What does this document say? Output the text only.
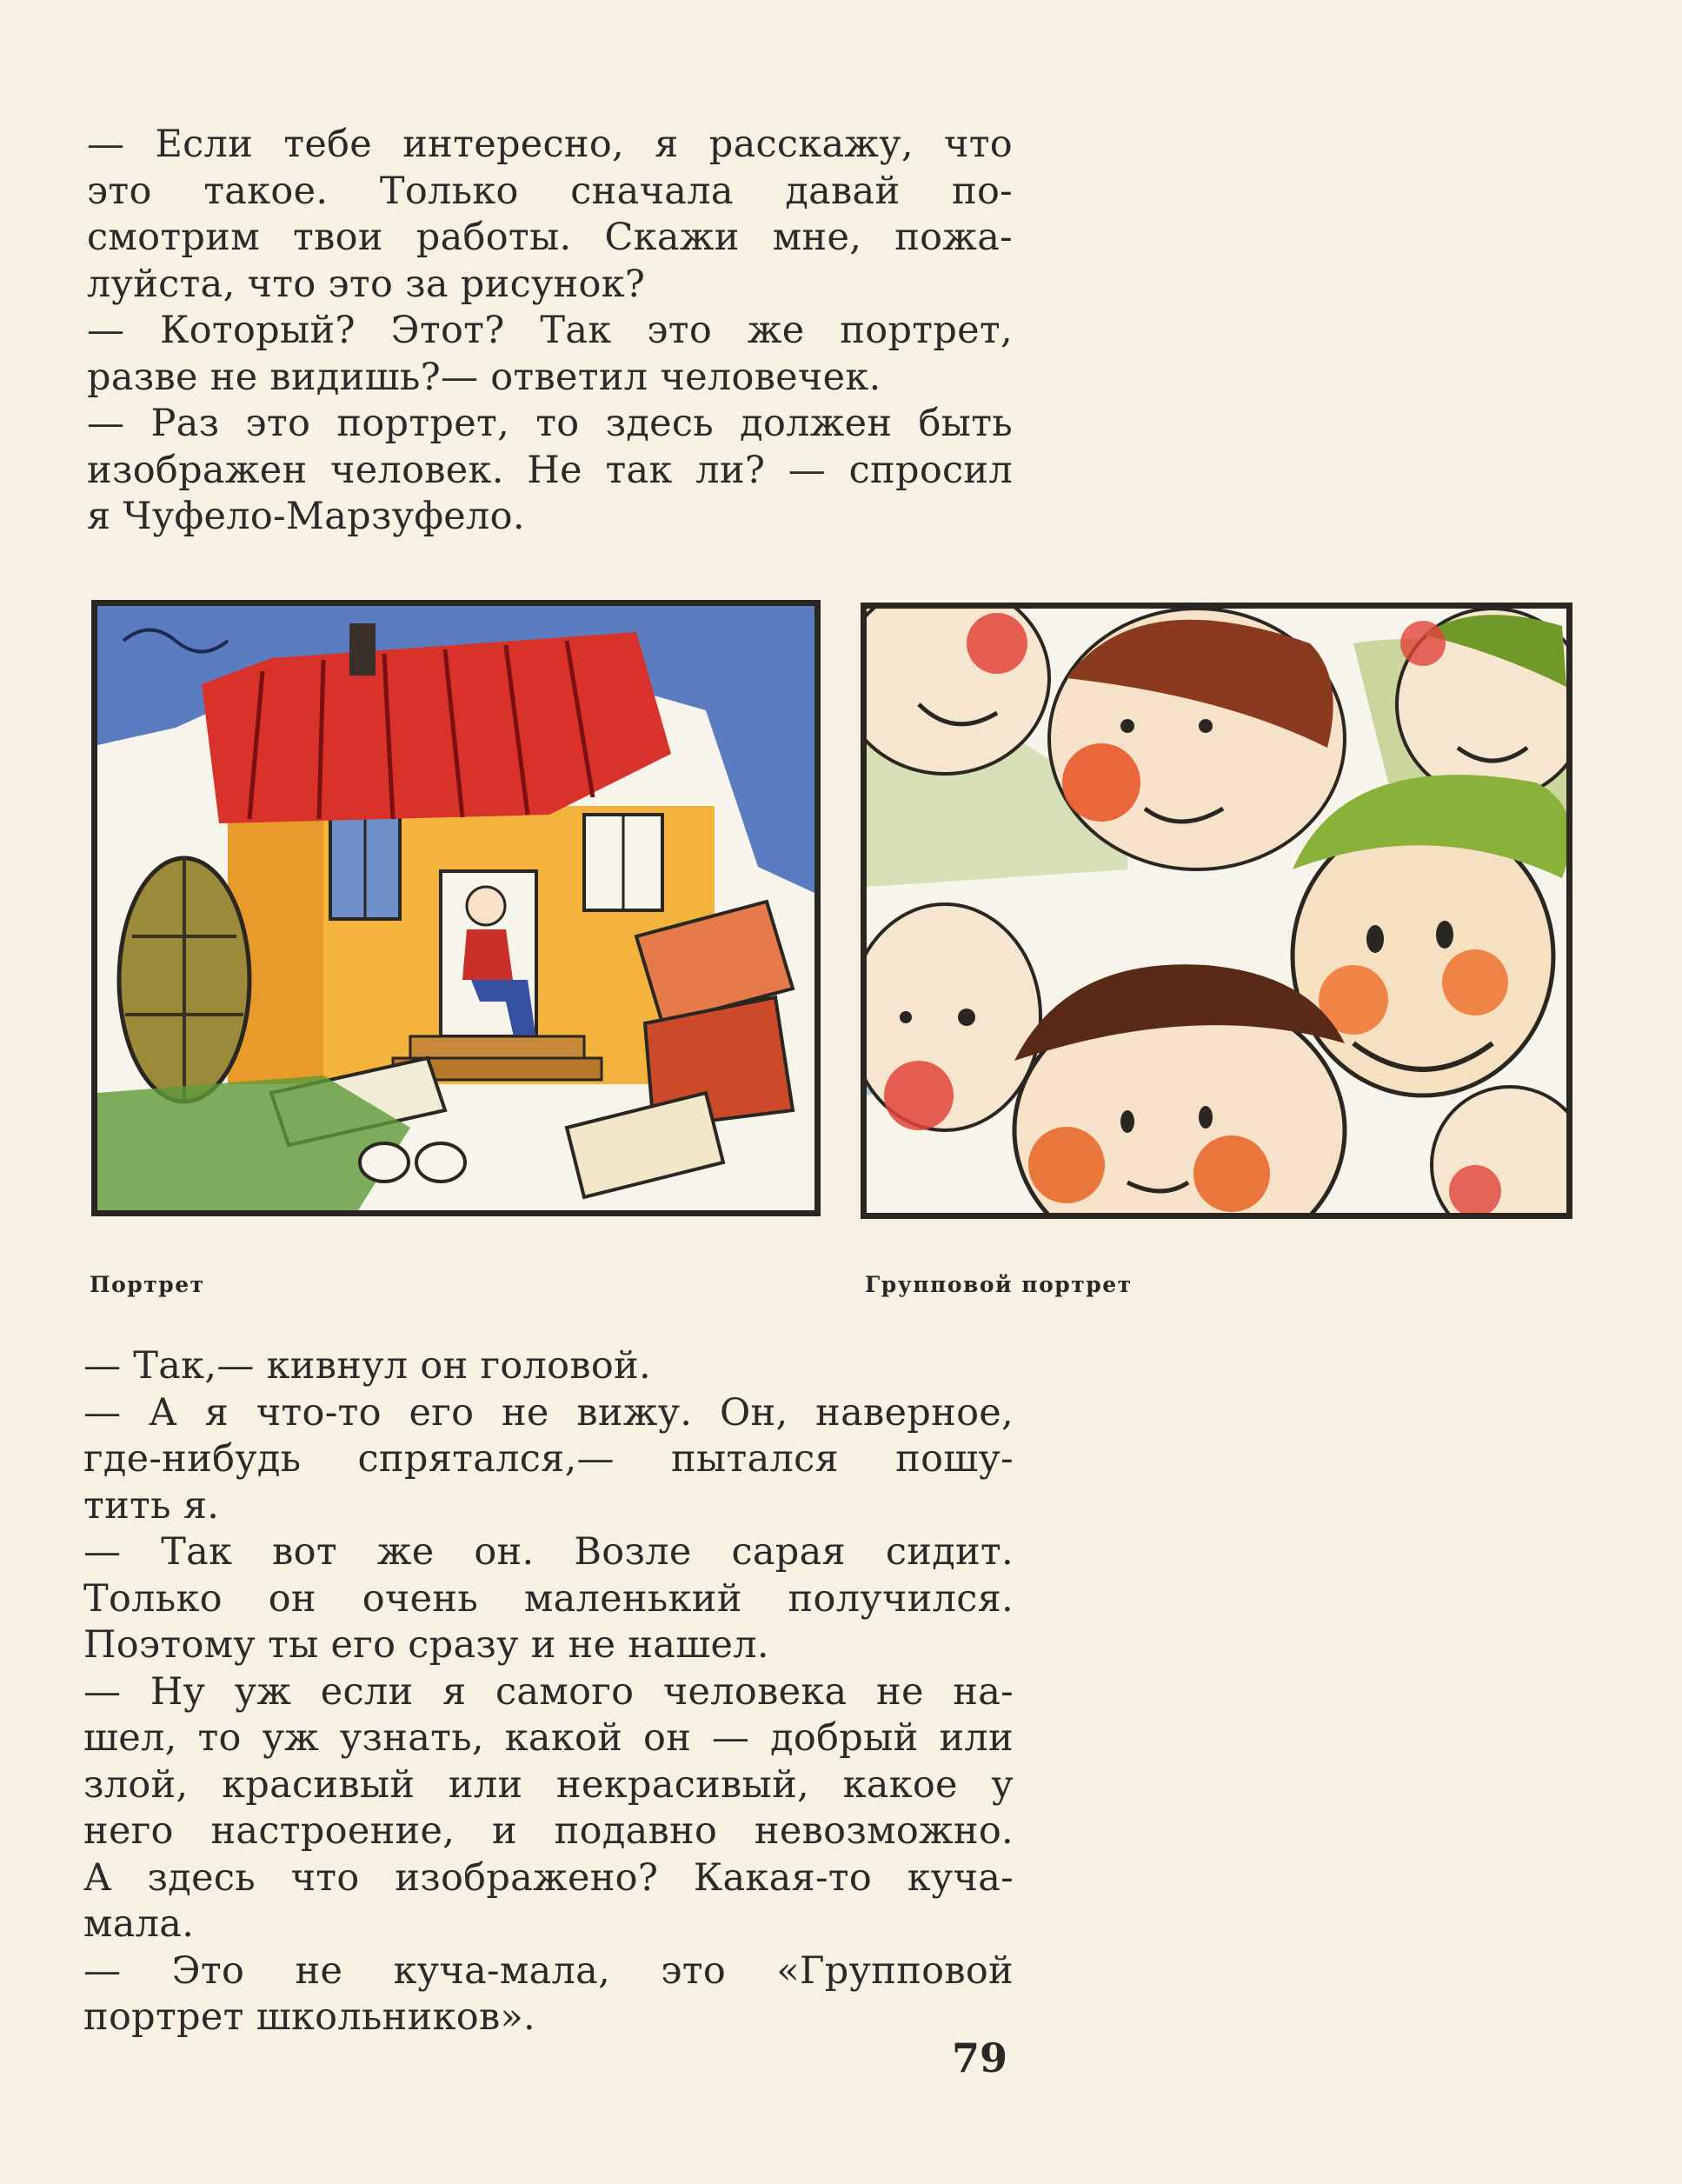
— Если тебе интересно, я расскажу, что
это такое. Только сначала давай по-
смотрим твои работы. Скажи мне, пожа-
луйста, что это за рисунок?
— Который? Этот? Так это же портрет,
разве не видишь?— ответил человечек.
— Раз это портрет, то здесь должен быть
изображен человек. Не так ли? — спросил
я Чуфело-Марзуфело.
Портрет	Групповой портрет
— Так,— кивнул он головой.
— А я что-то его не вижу. Он, наверное,
где-нибудь спрятался,— пытался пошу-
тить я.
— Так вот же он. Возле сарая сидит.
Только он очень маленький получился.
Поэтому ты его сразу и не нашел.
— Ну уж если я самого человека не на-
шел, то уж узнать, какой он — добрый или
злой, красивый или некрасивый, какое у
него настроение, и подавно невозможно.
А здесь что изображено? Какая-то куча-
мала.
— Это не куча-мала, это «Групповой
портрет школьников».
79
